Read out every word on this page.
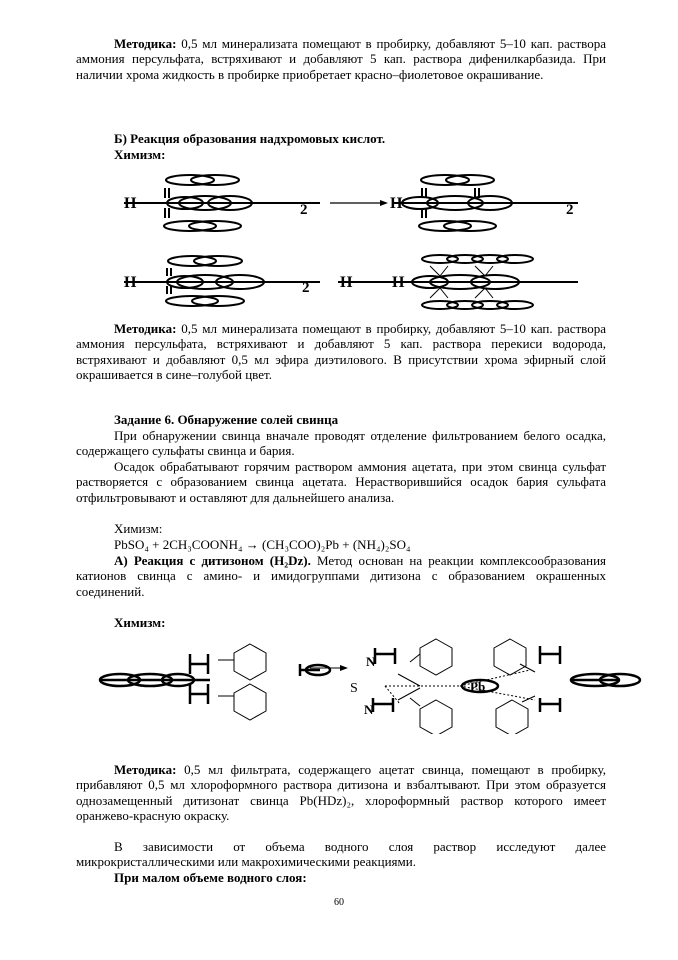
Методика: 0,5 мл минерализата помещают в пробирку, добавляют 5–10 кап. раствора аммония персульфата, встряхивают и добавляют 5 кап. раствора дифенилкарбазида. При наличии хрома жидкость в пробирке приобретает красно–фиолетовое окрашивание.

Б) Реакция образования надхромовых кислот.

Химизм:

H	H
2	2
H	H H
2

Методика: 0,5 мл минерализата помещают в пробирку, добавляют 5–10 кап. раствора аммония персульфата, встряхивают и добавляют 5 кап. раствора перекиси водорода, встряхивают и добавляют 0,5 мл эфира диэтилового. В присутствии хрома эфирный слой окрашивается в сине–голубой цвет.

Задание 6. Обнаружение солей свинца

При обнаружении свинца вначале проводят отделение фильтрованием белого осадка, содержащего сульфаты свинца и бария.

Осадок обрабатывают горячим раствором аммония ацетата, при этом свинца сульфат растворяется с образованием свинца ацетата. Нерастворившийся осадок бария сульфата отфильтровывают и оставляют для дальнейшего анализа.

Химизм:

PbSO₄ + 2CH₃COONH₄ → (CH₃COO)₂Pb + (NH₄)₂SO₄

А) Реакция с дитизоном (H₂Dz). Метод основан на реакции комплексообразования катионов свинца с амино- и имидогруппами дитизона с образованием окрашенных соединений.

Химизм:

S
N
N
Pb

Методика: 0,5 мл фильтрата, содержащего ацетат свинца, помещают в пробирку, прибавляют 0,5 мл хлороформного раствора дитизона и взбалтывают. При этом образуется однозамещенный дитизонат свинца Pb(HDz)₂, хлороформный раствор которого имеет оранжево-красную окраску.

В зависимости от объема водного слоя раствор исследуют далее микрокристаллическими или макрохимическими реакциями.

При малом объеме водного слоя:

60
